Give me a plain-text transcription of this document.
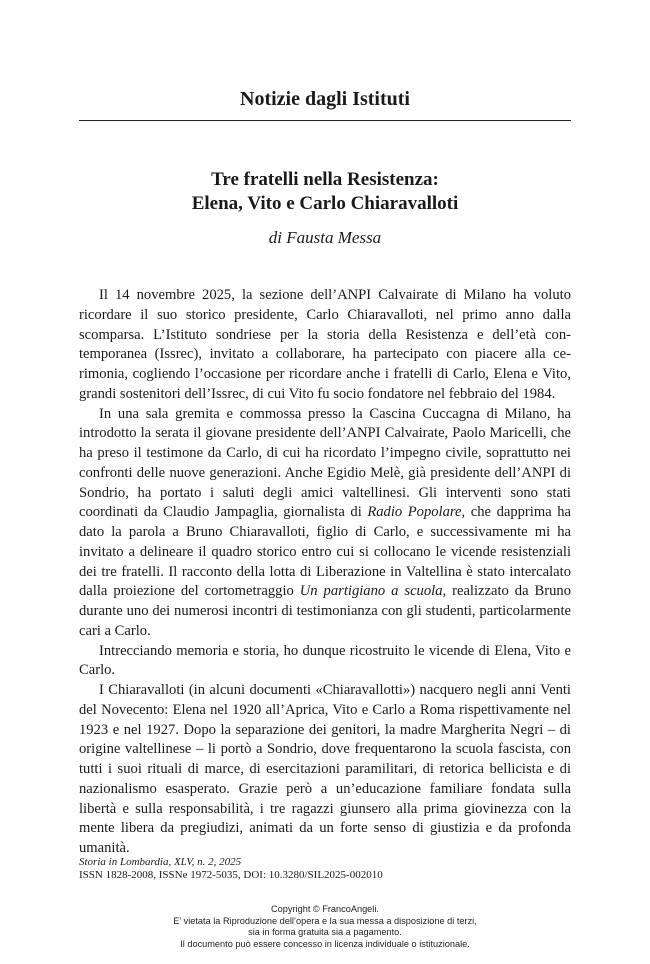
Notizie dagli Istituti
Tre fratelli nella Resistenza:
Elena, Vito e Carlo Chiaravalloti
di Fausta Messa

Il 14 novembre 2025, la sezione dell’ANPI Calvairate di Milano ha voluto ricordare il suo storico presidente, Carlo Chiaravalloti, nel primo anno dalla scomparsa. L’Istituto sondriese per la storia della Resistenza e dell’età contemporanea (Issrec), invitato a collaborare, ha partecipato con piacere alla cerimonia, cogliendo l’occasione per ricordare anche i fratelli di Carlo, Elena e Vito, grandi sostenitori dell’Issrec, di cui Vito fu socio fondatore nel febbraio del 1984.

In una sala gremita e commossa presso la Cascina Cuccagna di Milano, ha introdotto la serata il giovane presidente dell’ANPI Calvairate, Paolo Maricelli, che ha preso il testimone da Carlo, di cui ha ricordato l’impegno civile, soprattutto nei confronti delle nuove generazioni. Anche Egidio Melè, già presidente dell’ANPI di Sondrio, ha portato i saluti degli amici valtellinesi. Gli interventi sono stati coordinati da Claudio Jampaglia, giornalista di Radio Popolare, che dapprima ha dato la parola a Bruno Chiaravalloti, figlio di Carlo, e successivamente mi ha invitato a delineare il quadro storico entro cui si collocano le vicende resistenziali dei tre fratelli. Il racconto della lotta di Liberazione in Valtellina è stato intercalato dalla proiezione del cortometraggio Un partigiano a scuola, realizzato da Bruno durante uno dei numerosi incontri di testimonianza con gli studenti, particolarmente cari a Carlo.

Intrecciando memoria e storia, ho dunque ricostruito le vicende di Elena, Vito e Carlo.

I Chiaravalloti (in alcuni documenti «Chiaravallotti») nacquero negli anni Venti del Novecento: Elena nel 1920 all’Aprica, Vito e Carlo a Roma rispettivamente nel 1923 e nel 1927. Dopo la separazione dei genitori, la madre Margherita Negri – di origine valtellinese – li portò a Sondrio, dove frequentarono la scuola fascista, con tutti i suoi rituali di marce, di esercitazioni paramilitari, di retorica bellicista e di nazionalismo esasperato. Grazie però a un’educazione familiare fondata sulla libertà e sulla responsabilità, i tre ragazzi giunsero alla prima giovinezza con la mente libera da pregiudizi, animati da un forte senso di giustizia e da profonda umanità.

Storia in Lombardia, XLV, n. 2, 2025
ISSN 1828-2008, ISSNe 1972-5035, DOI: 10.3280/SIL2025-002010
Copyright © FrancoAngeli.
E’ vietata la Riproduzione dell’opera e la sua messa a disposizione di terzi,
sia in forma gratuita sia a pagamento.
Il documento può essere concesso in licenza individuale o istituzionale.
